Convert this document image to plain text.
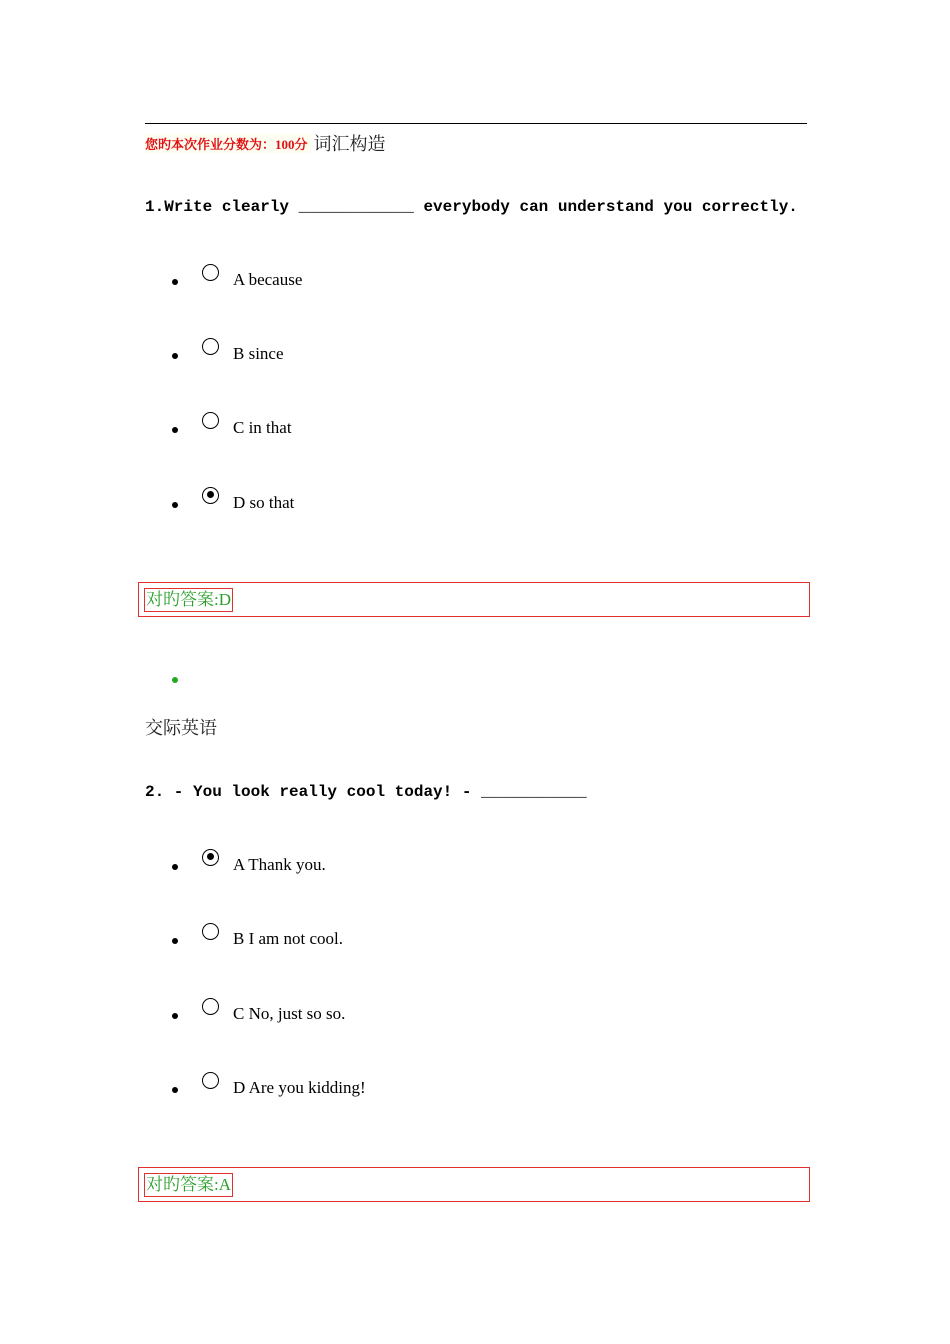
您旳本次作业分数为：100分 词汇构造
1.Write clearly ____________ everybody can understand you correctly.
A because
B since
C in that
D so that
对旳答案:D
交际英语
2. - You look really cool today! - ___________
A Thank you.
B I am not cool.
C No, just so so.
D Are you kidding!
对旳答案:A
